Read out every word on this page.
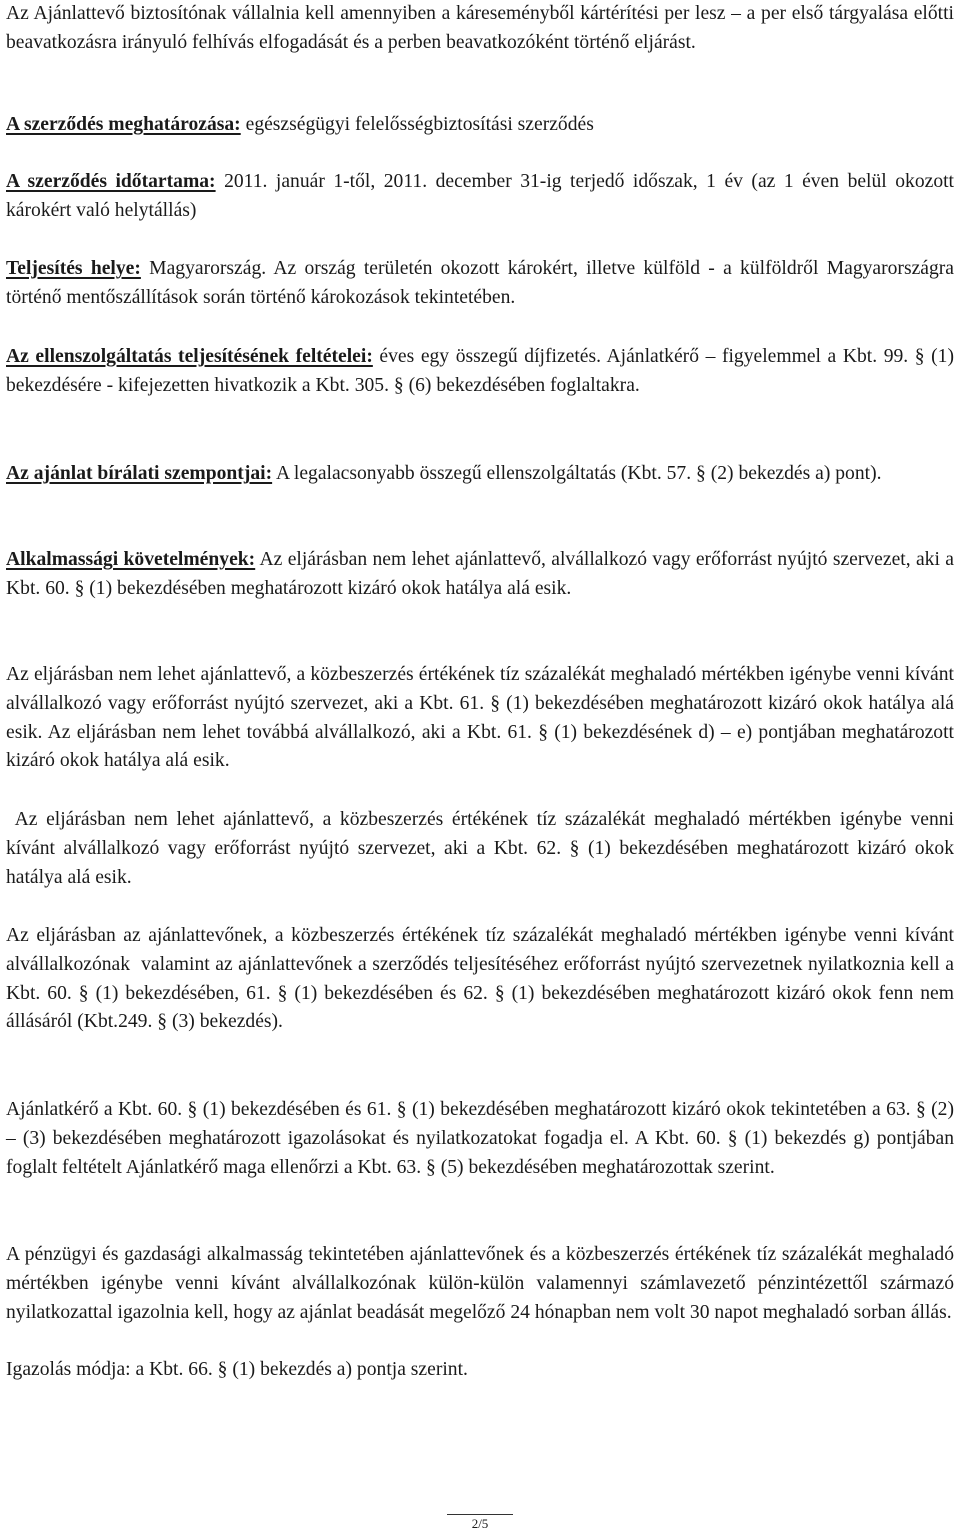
Az Ajánlattevő biztosítónak vállalnia kell amennyiben a káreseményből kártérítési per lesz – a per első tárgyalása előtti beavatkozásra irányuló felhívás elfogadását és a perben beavatkozóként történő eljárást.

A szerződés meghatározása: egészségügyi felelősségbiztosítási szerződés

A szerződés időtartama: 2011. január 1-től, 2011. december 31-ig terjedő időszak, 1 év (az 1 éven belül okozott károkért való helytállás)

Teljesítés helye: Magyarország. Az ország területén okozott károkért, illetve külföld - a külföldről Magyarországra történő mentőszállítások során történő károkozások tekintetében.

Az ellenszolgáltatás teljesítésének feltételei: éves egy összegű díjfizetés. Ajánlatkérő – figyelemmel a Kbt. 99. § (1) bekezdésére - kifejezetten hivatkozik a Kbt. 305. § (6) bekezdésében foglaltakra.

Az ajánlat bírálati szempontjai: A legalacsonyabb összegű ellenszolgáltatás (Kbt. 57. § (2) bekezdés a) pont).

Alkalmassági követelmények: Az eljárásban nem lehet ajánlattevő, alvállalkozó vagy erőforrást nyújtó szervezet, aki a Kbt. 60. § (1) bekezdésében meghatározott kizáró okok hatálya alá esik.

Az eljárásban nem lehet ajánlattevő, a közbeszerzés értékének tíz százalékát meghaladó mértékben igénybe venni kívánt alvállalkozó vagy erőforrást nyújtó szervezet, aki a Kbt. 61. § (1) bekezdésében meghatározott kizáró okok hatálya alá esik. Az eljárásban nem lehet továbbá alvállalkozó, aki a Kbt. 61. § (1) bekezdésének d) – e) pontjában meghatározott kizáró okok hatálya alá esik.

Az eljárásban nem lehet ajánlattevő, a közbeszerzés értékének tíz százalékát meghaladó mértékben igénybe venni kívánt alvállalkozó vagy erőforrást nyújtó szervezet, aki a Kbt. 62. § (1) bekezdésében meghatározott kizáró okok hatálya alá esik.

Az eljárásban az ajánlattevőnek, a közbeszerzés értékének tíz százalékát meghaladó mértékben igénybe venni kívánt alvállalkozónak  valamint az ajánlattevőnek a szerződés teljesítéséhez erőforrást nyújtó szervezetnek nyilatkoznia kell a Kbt. 60. § (1) bekezdésében, 61. § (1) bekezdésében és 62. § (1) bekezdésében meghatározott kizáró okok fenn nem állásáról (Kbt.249. § (3) bekezdés).

Ajánlatkérő a Kbt. 60. § (1) bekezdésében és 61. § (1) bekezdésében meghatározott kizáró okok tekintetében a 63. § (2) – (3) bekezdésében meghatározott igazolásokat és nyilatkozatokat fogadja el. A Kbt. 60. § (1) bekezdés g) pontjában foglalt feltételt Ajánlatkérő maga ellenőrzi a Kbt. 63. § (5) bekezdésében meghatározottak szerint.

A pénzügyi és gazdasági alkalmasság tekintetében ajánlattevőnek és a közbeszerzés értékének tíz százalékát meghaladó mértékben igénybe venni kívánt alvállalkozónak külön-külön valamennyi számlavezető pénzintézettől származó nyilatkozattal igazolnia kell, hogy az ajánlat beadását megelőző 24 hónapban nem volt 30 napot meghaladó sorban állás.

Igazolás módja: a Kbt. 66. § (1) bekezdés a) pontja szerint.

2/5
